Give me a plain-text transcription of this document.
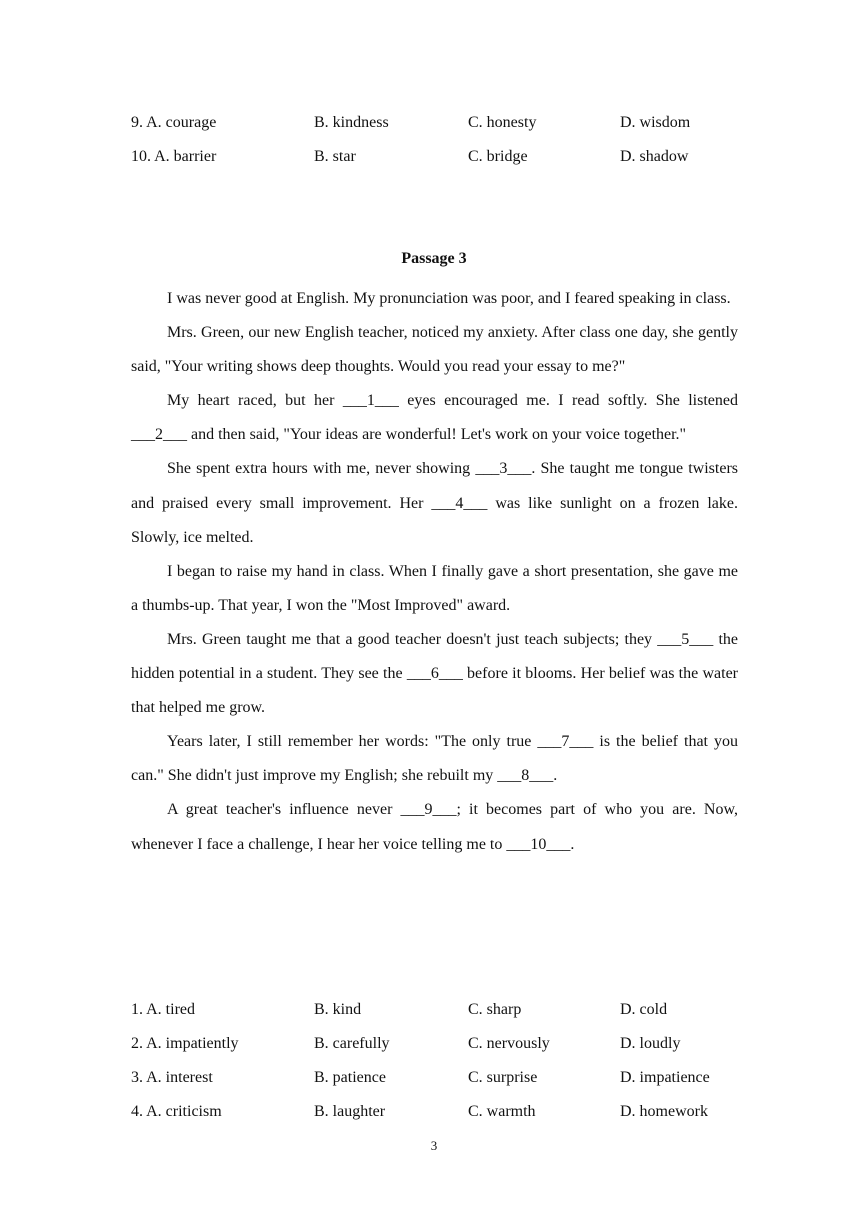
9. A. courage	B. kindness	C. honesty	D. wisdom
10. A. barrier	B. star	C. bridge	D. shadow
Passage 3

I was never good at English. My pronunciation was poor, and I feared speaking in class.

Mrs. Green, our new English teacher, noticed my anxiety. After class one day, she gently said, "Your writing shows deep thoughts. Would you read your essay to me?"

My heart raced, but her ___1___ eyes encouraged me. I read softly. She listened ___2___ and then said, "Your ideas are wonderful! Let's work on your voice together."

She spent extra hours with me, never showing ___3___. She taught me tongue twisters and praised every small improvement. Her ___4___ was like sunlight on a frozen lake. Slowly, ice melted.

I began to raise my hand in class. When I finally gave a short presentation, she gave me a thumbs-up. That year, I won the "Most Improved" award.

Mrs. Green taught me that a good teacher doesn't just teach subjects; they ___5___ the hidden potential in a student. They see the ___6___ before it blooms. Her belief was the water that helped me grow.

Years later, I still remember her words: "The only true ___7___ is the belief that you can." She didn't just improve my English; she rebuilt my ___8___.

A great teacher's influence never ___9___; it becomes part of who you are. Now, whenever I face a challenge, I hear her voice telling me to ___10___.

1. A. tired	B. kind	C. sharp	D. cold
2. A. impatiently	B. carefully	C. nervously	D. loudly
3. A. interest	B. patience	C. surprise	D. impatience
4. A. criticism	B. laughter	C. warmth	D. homework
3
